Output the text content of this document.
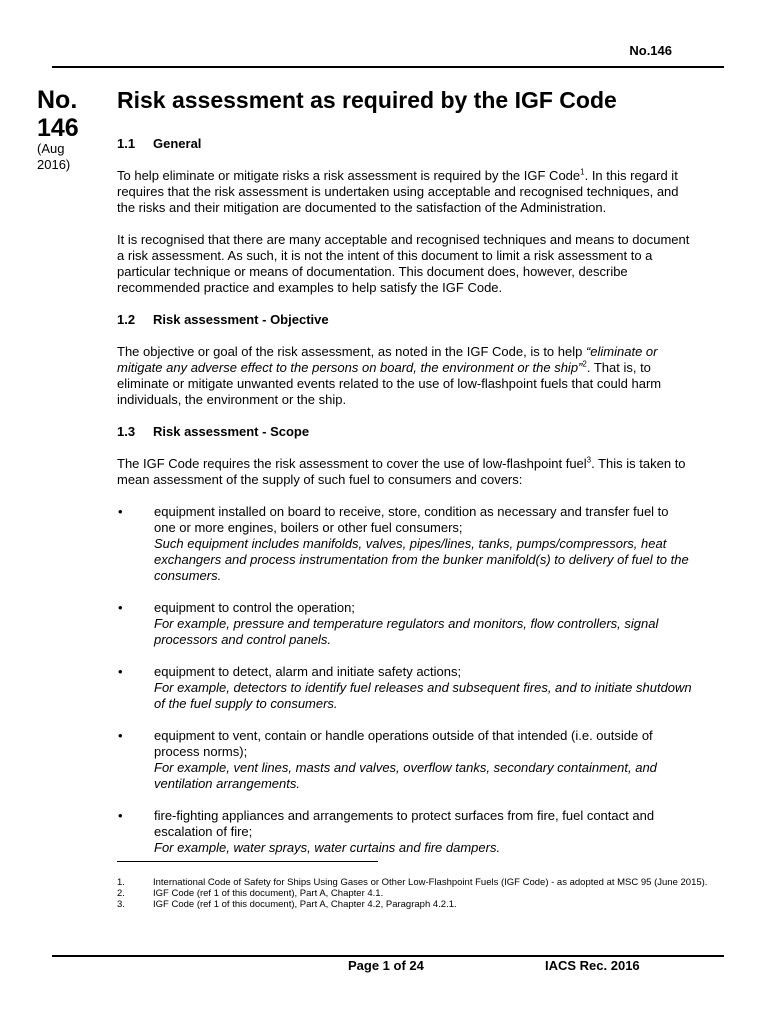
No.146
No.
146
(Aug
2016)
Risk assessment as required by the IGF Code
1.1	General

To help eliminate or mitigate risks a risk assessment is required by the IGF Code$^1$. In this regard it requires that the risk assessment is undertaken using acceptable and recognised techniques, and the risks and their mitigation are documented to the satisfaction of the Administration.

It is recognised that there are many acceptable and recognised techniques and means to document a risk assessment. As such, it is not the intent of this document to limit a risk assessment to a particular technique or means of documentation. This document does, however, describe recommended practice and examples to help satisfy the IGF Code.

1.2	Risk assessment - Objective

The objective or goal of the risk assessment, as noted in the IGF Code, is to help “eliminate or mitigate any adverse effect to the persons on board, the environment or the ship”$^2$. That is, to eliminate or mitigate unwanted events related to the use of low-flashpoint fuels that could harm individuals, the environment or the ship.

1.3	Risk assessment - Scope

The IGF Code requires the risk assessment to cover the use of low-flashpoint fuel$^3$. This is taken to mean assessment of the supply of such fuel to consumers and covers:

•	equipment installed on board to receive, store, condition as necessary and transfer fuel to one or more engines, boilers or other fuel consumers;
Such equipment includes manifolds, valves, pipes/lines, tanks, pumps/compressors, heat exchangers and process instrumentation from the bunker manifold(s) to delivery of fuel to the consumers.
•	equipment to control the operation;
For example, pressure and temperature regulators and monitors, flow controllers, signal processors and control panels.
•	equipment to detect, alarm and initiate safety actions;
For example, detectors to identify fuel releases and subsequent fires, and to initiate shutdown of the fuel supply to consumers.
•	equipment to vent, contain or handle operations outside of that intended (i.e. outside of process norms);
For example, vent lines, masts and valves, overflow tanks, secondary containment, and ventilation arrangements.
•	fire-fighting appliances and arrangements to protect surfaces from fire, fuel contact and escalation of fire;
For example, water sprays, water curtains and fire dampers.
1.	International Code of Safety for Ships Using Gases or Other Low-Flashpoint Fuels (IGF Code) - as adopted at MSC 95 (June 2015).
2.	IGF Code (ref 1 of this document), Part A, Chapter 4.1.
3.	IGF Code (ref 1 of this document), Part A, Chapter 4.2, Paragraph 4.2.1.
Page 1 of 24	IACS Rec. 2016
